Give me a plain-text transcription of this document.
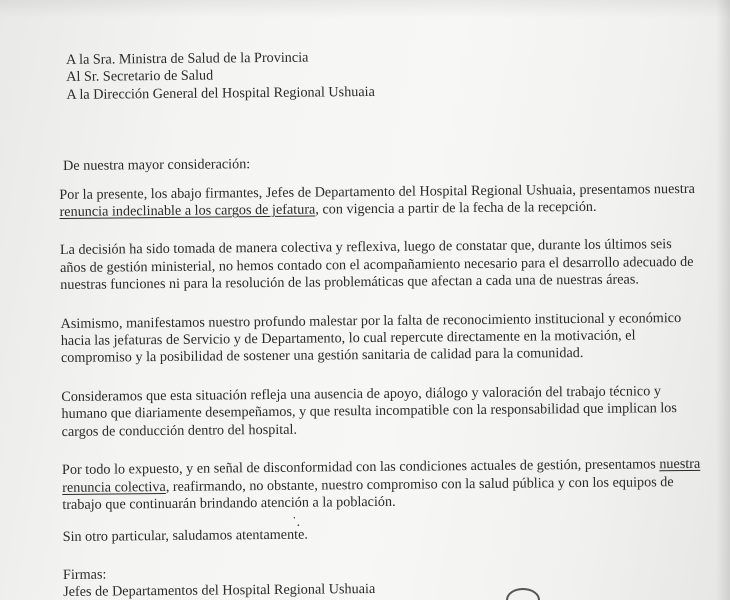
A la Sra. Ministra de Salud de la Provincia
Al Sr. Secretario de Salud
A la Dirección General del Hospital Regional Ushuaia
De nuestra mayor consideración:

Por la presente, los abajo firmantes, Jefes de Departamento del Hospital Regional Ushuaia, presentamos nuestra renuncia indeclinable a los cargos de jefatura, con vigencia a partir de la fecha de la recepción.

La decisión ha sido tomada de manera colectiva y reflexiva, luego de constatar que, durante los últimos seis años de gestión ministerial, no hemos contado con el acompañamiento necesario para el desarrollo adecuado de nuestras funciones ni para la resolución de las problemáticas que afectan a cada una de nuestras áreas.

Asimismo, manifestamos nuestro profundo malestar por la falta de reconocimiento institucional y económico hacia las jefaturas de Servicio y de Departamento, lo cual repercute directamente en la motivación, el compromiso y la posibilidad de sostener una gestión sanitaria de calidad para la comunidad.

Consideramos que esta situación refleja una ausencia de apoyo, diálogo y valoración del trabajo técnico y humano que diariamente desempeñamos, y que resulta incompatible con la responsabilidad que implican los cargos de conducción dentro del hospital.

Por todo lo expuesto, y en señal de disconformidad con las condiciones actuales de gestión, presentamos nuestra renuncia colectiva, reafirmando, no obstante, nuestro compromiso con la salud pública y con los equipos de trabajo que continuarán brindando atención a la población.

Sin otro particular, saludamos atentamente.
Firmas:
Jefes de Departamentos del Hospital Regional Ushuaia
˙.
